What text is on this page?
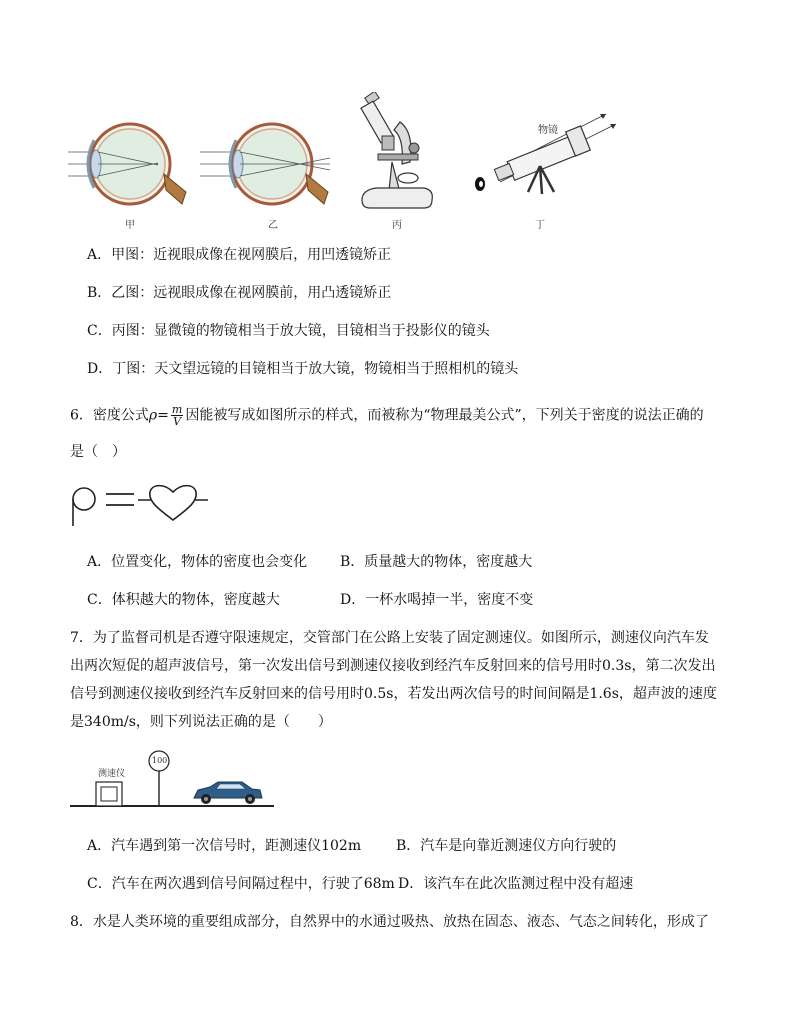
甲	乙	丙
物镜
丁
A．甲图：近视眼成像在视网膜后，用凹透镜矫正
B．乙图：远视眼成像在视网膜前，用凸透镜矫正
C．丙图：显微镜的物镜相当于放大镜，目镜相当于投影仪的镜头
D．丁图：天文望远镜的目镜相当于放大镜，物镜相当于照相机的镜头
6．密度公式$\rho= \frac{m}{V}$ 因能被写成如图所示的样式，而被称为“物理最美公式”，下列关于密度的说法正确的
是（　）
A．位置变化，物体的密度也会变化 B．质量越大的物体，密度越大
C．体积越大的物体，密度越大	D．一杯水喝掉一半，密度不变
7．为了监督司机是否遵守限速规定，交管部门在公路上安装了固定测速仪。如图所示，测速仪向汽车发
出两次短促的超声波信号，第一次发出信号到测速仪接收到经汽车反射回来的信号用时0.3s，第二次发出
信号到测速仪接收到经汽车反射回来的信号用时0.5s，若发出两次信号的时间间隔是1.6s，超声波的速度
是340m/s，则下列说法正确的是（　　）
测速仪
100
A．汽车遇到第一次信号时，距测速仪102m B．汽车是向靠近测速仪方向行驶的
C．汽车在两次遇到信号间隔过程中，行驶了68m D．该汽车在此次监测过程中没有超速
8．水是人类环境的重要组成部分，自然界中的水通过吸热、放热在固态、液态、气态之间转化，形成了
